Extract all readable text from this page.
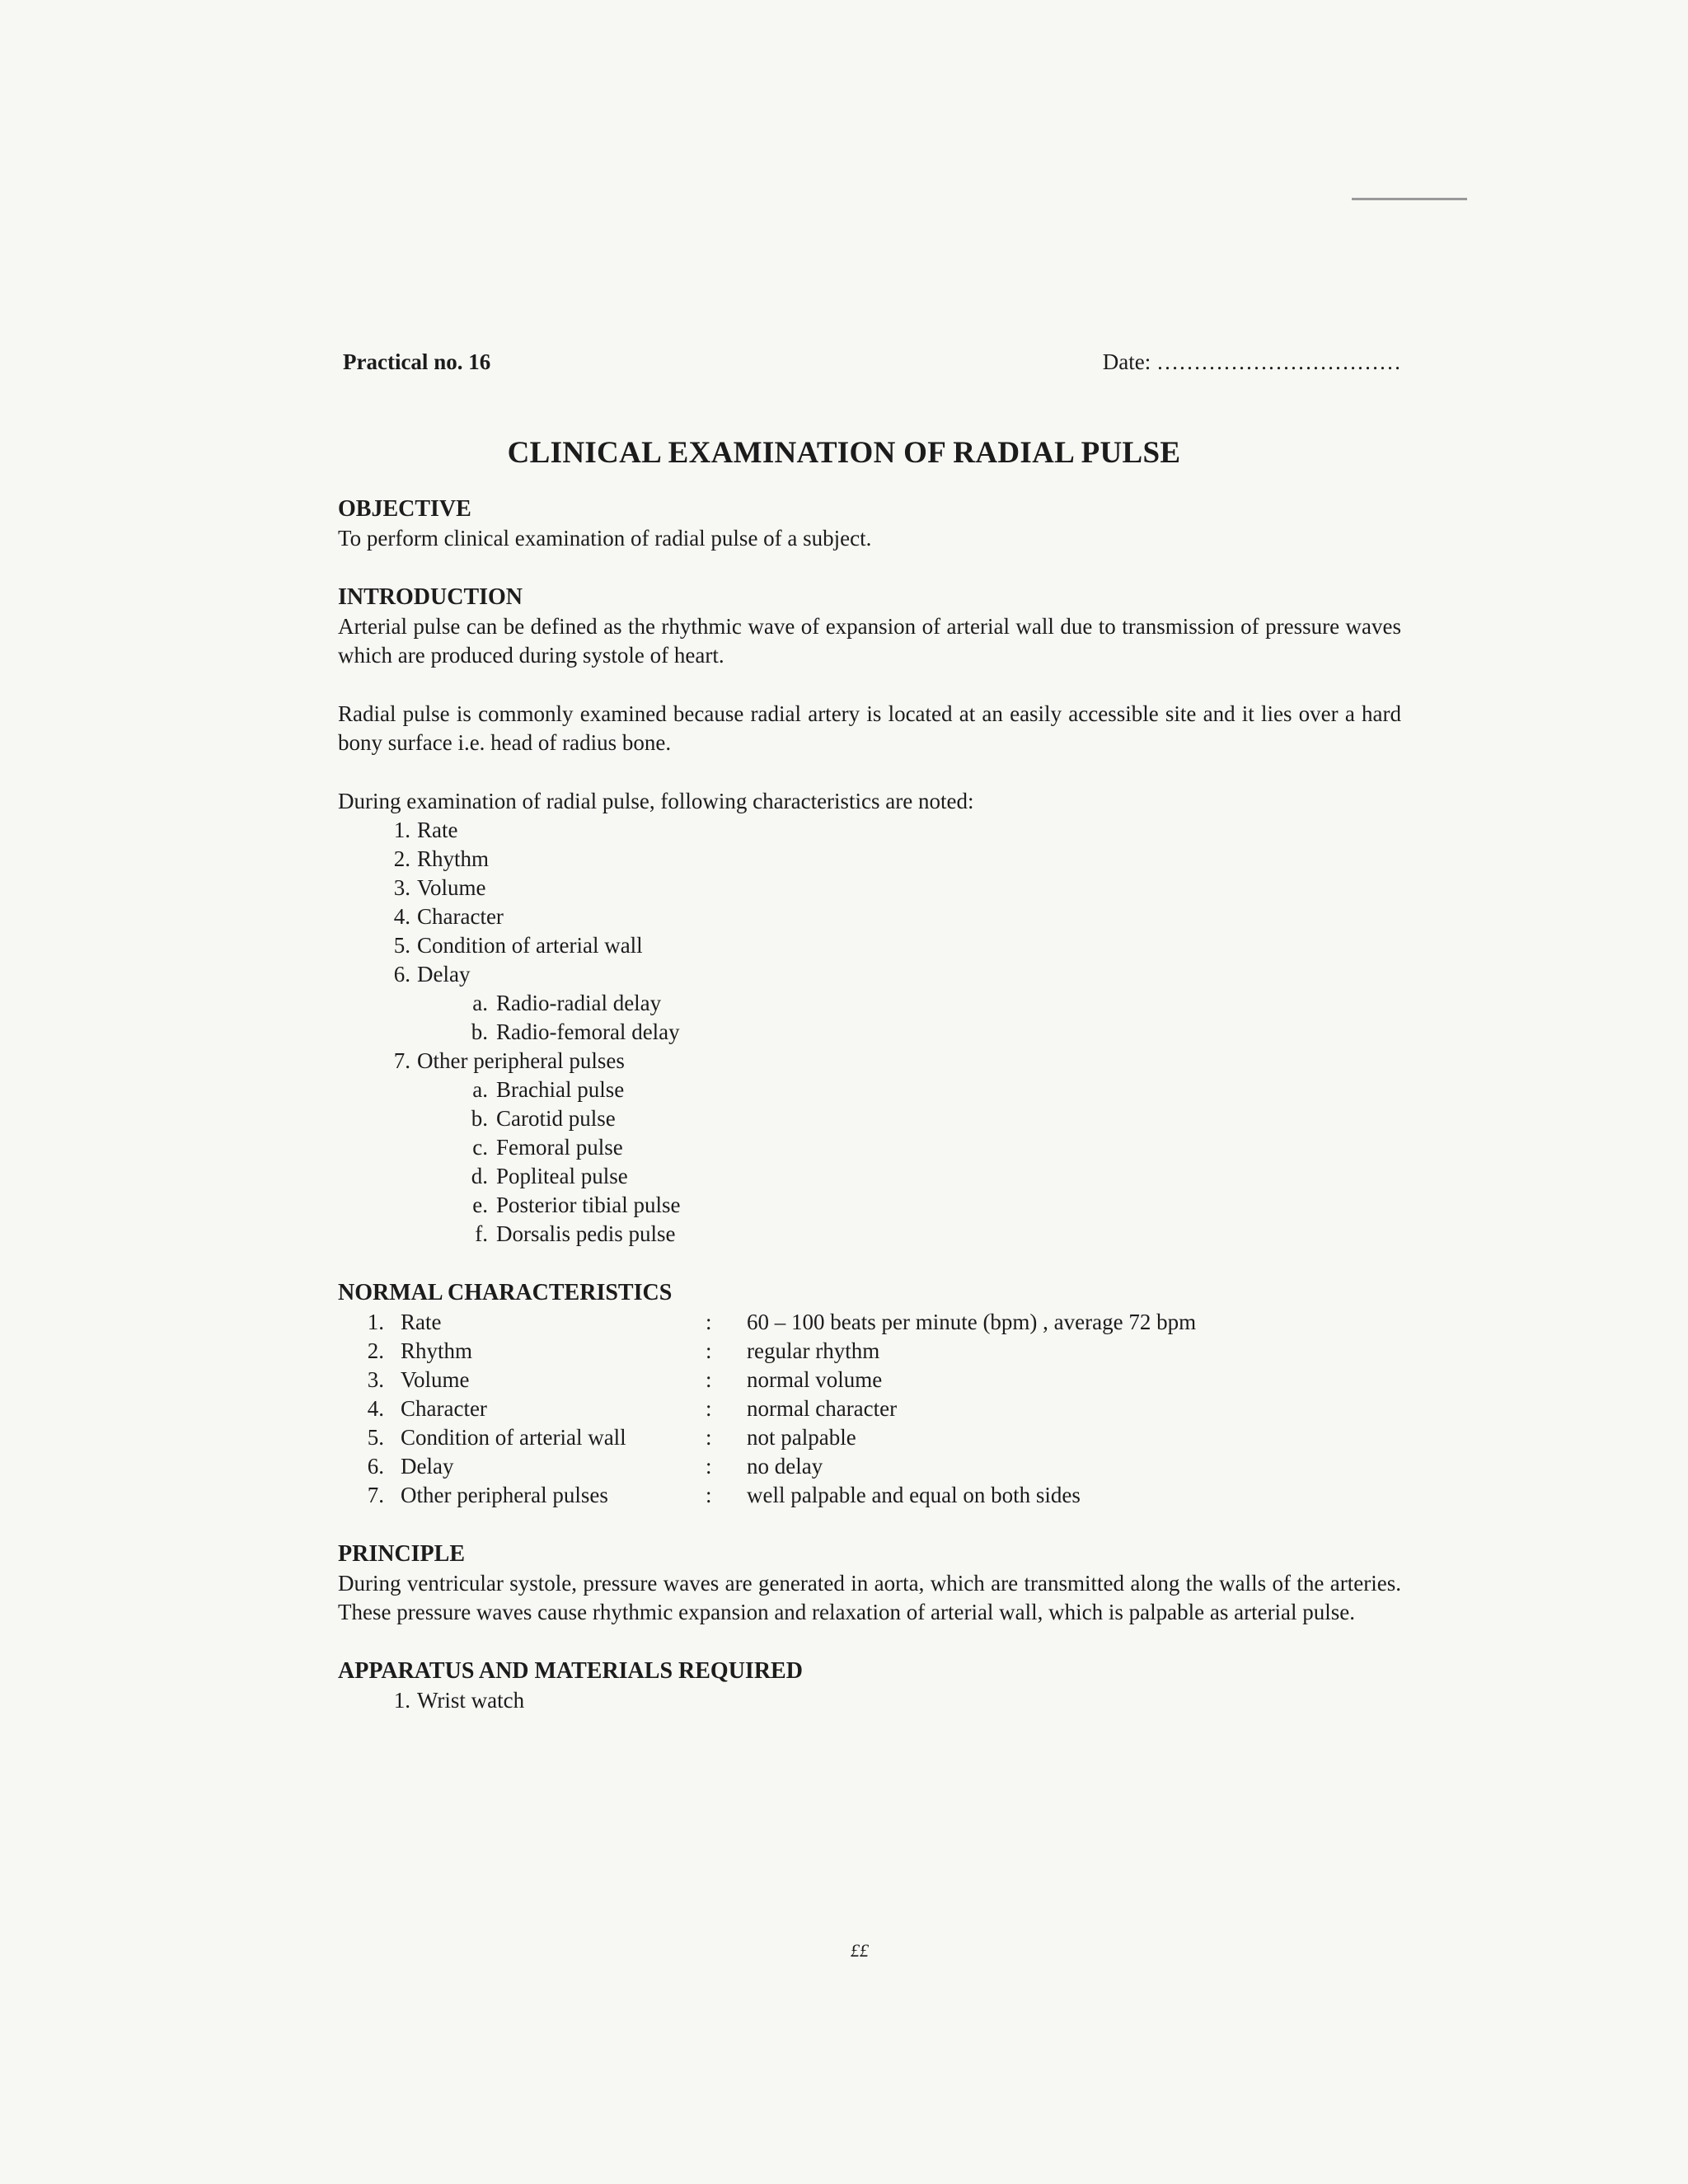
Practical no. 16	Date: ……………………………
CLINICAL EXAMINATION OF RADIAL PULSE

OBJECTIVE

To perform clinical examination of radial pulse of a subject.

INTRODUCTION

Arterial pulse can be defined as the rhythmic wave of expansion of arterial wall due to transmission of pressure waves which are produced during systole of heart.

Radial pulse is commonly examined because radial artery is located at an easily accessible site and it lies over a hard bony surface i.e. head of radius bone.

During examination of radial pulse, following characteristics are noted:

1. Rate
2. Rhythm
3. Volume
4. Character
5. Condition of arterial wall
6. Delay
a. Radio-radial delay
b. Radio-femoral delay
7. Other peripheral pulses
a. Brachial pulse
b. Carotid pulse
c. Femoral pulse
d. Popliteal pulse
e. Posterior tibial pulse
f. Dorsalis pedis pulse

NORMAL CHARACTERISTICS

1. Rate	:	60 – 100 beats per minute (bpm) , average 72 bpm
2. Rhythm	:	regular rhythm
3. Volume	:	normal volume
4. Character	:	normal character
5. Condition of arterial wall	:	not palpable
6. Delay	:	no delay
7. Other peripheral pulses	:	well palpable and equal on both sides

PRINCIPLE

During ventricular systole, pressure waves are generated in aorta, which are transmitted along the walls of the arteries. These pressure waves cause rhythmic expansion and relaxation of arterial wall, which is palpable as arterial pulse.

APPARATUS AND MATERIALS REQUIRED

1. Wrist watch
££
